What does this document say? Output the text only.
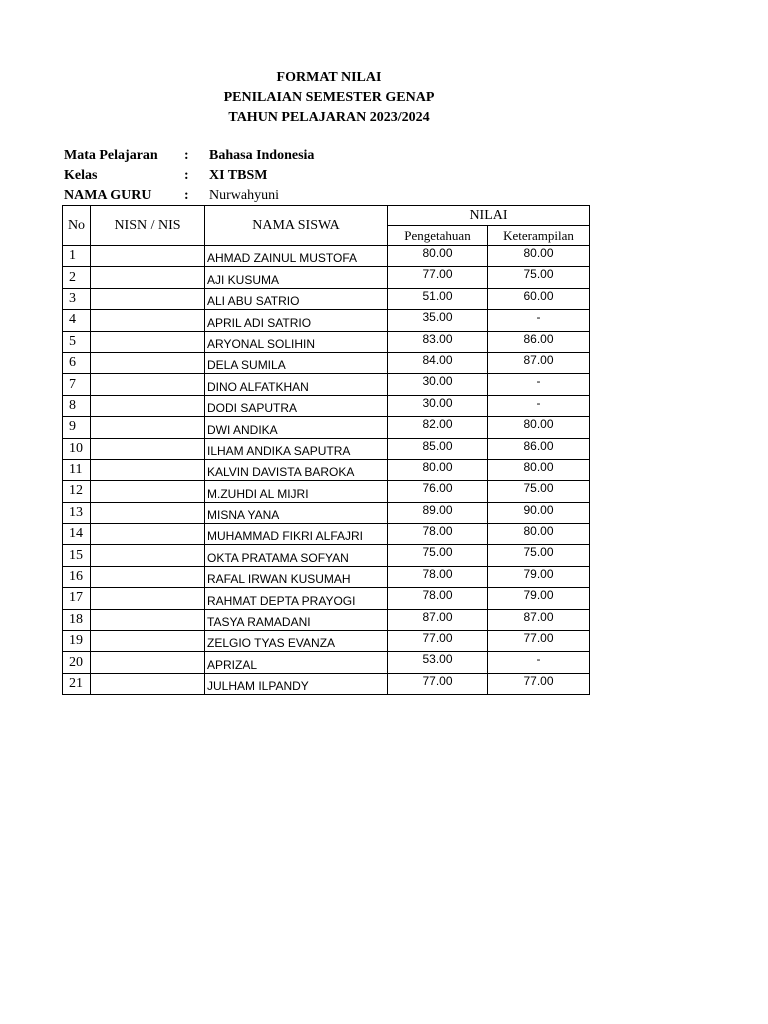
FORMAT NILAI
PENILAIAN SEMESTER GENAP
TAHUN PELAJARAN 2023/2024
Mata Pelajaran : Bahasa Indonesia
Kelas	: XI TBSM
NAMA GURU : Nurwahyuni
No	NISN / NIS	NAMA SISWA	NILAI	
			Pengetahuan	Keterampilan
1		AHMAD ZAINUL MUSTOFA	80.00	80.00
2		AJI KUSUMA	77.00	75.00
3		ALI ABU SATRIO	51.00	60.00
4		APRIL ADI SATRIO	35.00	-
5		ARYONAL SOLIHIN	83.00	86.00
6		DELA SUMILA	84.00	87.00
7		DINO ALFATKHAN	30.00	-
8		DODI SAPUTRA	30.00	-
9		DWI ANDIKA	82.00	80.00
10		ILHAM ANDIKA SAPUTRA	85.00	86.00
11		KALVIN DAVISTA BAROKA	80.00	80.00
12		M.ZUHDI AL MIJRI	76.00	75.00
13		MISNA YANA	89.00	90.00
14		MUHAMMAD FIKRI ALFAJRI	78.00	80.00
15		OKTA PRATAMA SOFYAN	75.00	75.00
16		RAFAL IRWAN KUSUMAH	78.00	79.00
17		RAHMAT DEPTA PRAYOGI	78.00	79.00
18		TASYA RAMADANI	87.00	87.00
19		ZELGIO TYAS EVANZA	77.00	77.00
20		APRIZAL	53.00	-
21		JULHAM ILPANDY	77.00	77.00
